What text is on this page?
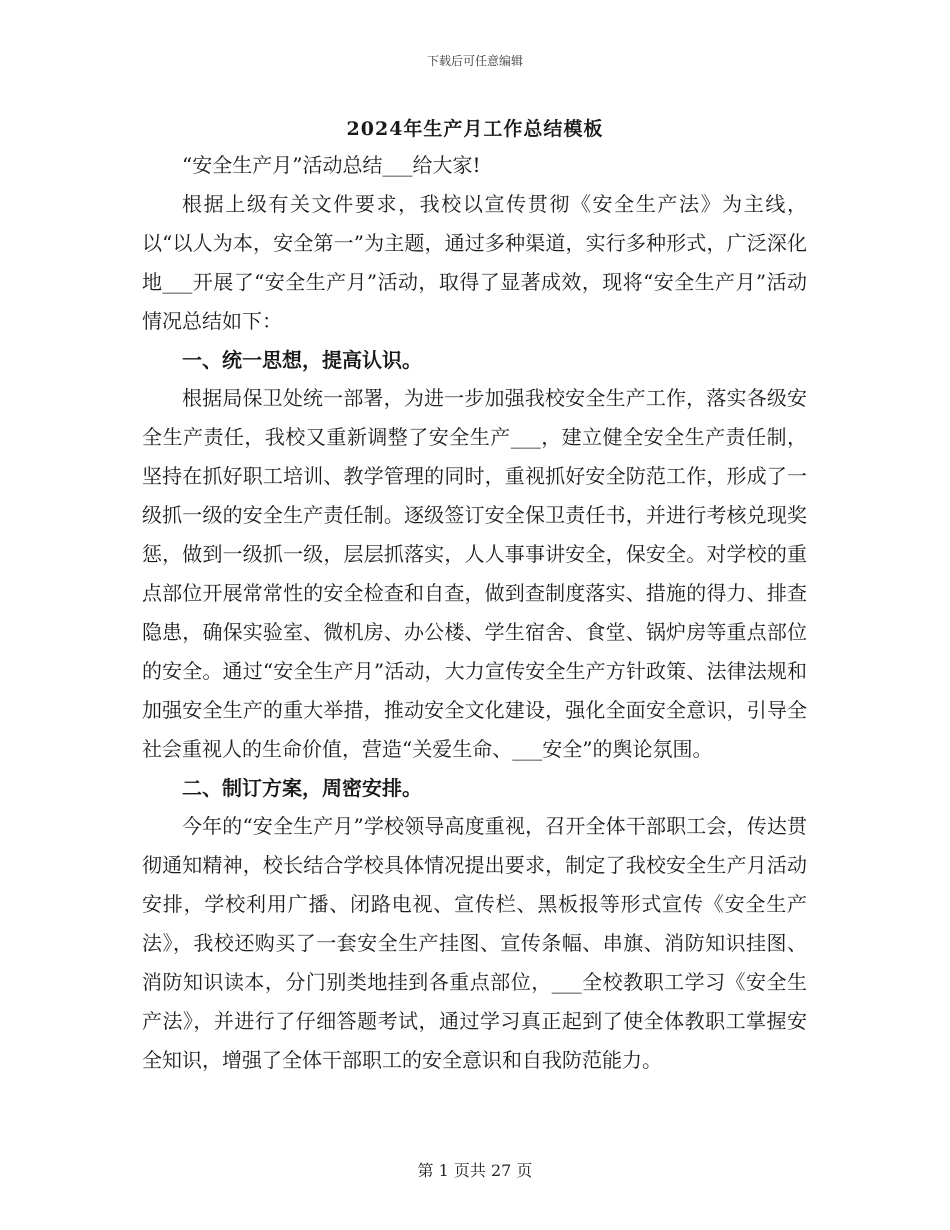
下载后可任意编辑
2024年生产月工作总结模板

“安全生产月”活动总结___给大家!

根据上级有关文件要求，我校以宣传贯彻《安全生产法》为主线，以“以人为本，安全第一”为主题，通过多种渠道，实行多种形式，广泛深化地___开展了“安全生产月”活动，取得了显著成效，现将“安全生产月”活动情况总结如下：

一、统一思想，提高认识。

根据局保卫处统一部署，为进一步加强我校安全生产工作，落实各级安全生产责任，我校又重新调整了安全生产___，建立健全安全生产责任制，坚持在抓好职工培训、教学管理的同时，重视抓好安全防范工作，形成了一级抓一级的安全生产责任制。逐级签订安全保卫责任书，并进行考核兑现奖惩，做到一级抓一级，层层抓落实，人人事事讲安全，保安全。对学校的重点部位开展常常性的安全检查和自查，做到查制度落实、措施的得力、排查隐患，确保实验室、微机房、办公楼、学生宿舍、食堂、锅炉房等重点部位的安全。通过“安全生产月”活动，大力宣传安全生产方针政策、法律法规和加强安全生产的重大举措，推动安全文化建设，强化全面安全意识，引导全社会重视人的生命价值，营造“关爱生命、___安全”的舆论氛围。

二、制订方案，周密安排。

今年的“安全生产月”学校领导高度重视，召开全体干部职工会，传达贯彻通知精神，校长结合学校具体情况提出要求，制定了我校安全生产月活动安排，学校利用广播、闭路电视、宣传栏、黑板报等形式宣传《安全生产法》，我校还购买了一套安全生产挂图、宣传条幅、串旗、消防知识挂图、消防知识读本，分门别类地挂到各重点部位，___全校教职工学习《安全生产法》，并进行了仔细答题考试，通过学习真正起到了使全体教职工掌握安全知识，增强了全体干部职工的安全意识和自我防范能力。

第 1 页共 27 页
